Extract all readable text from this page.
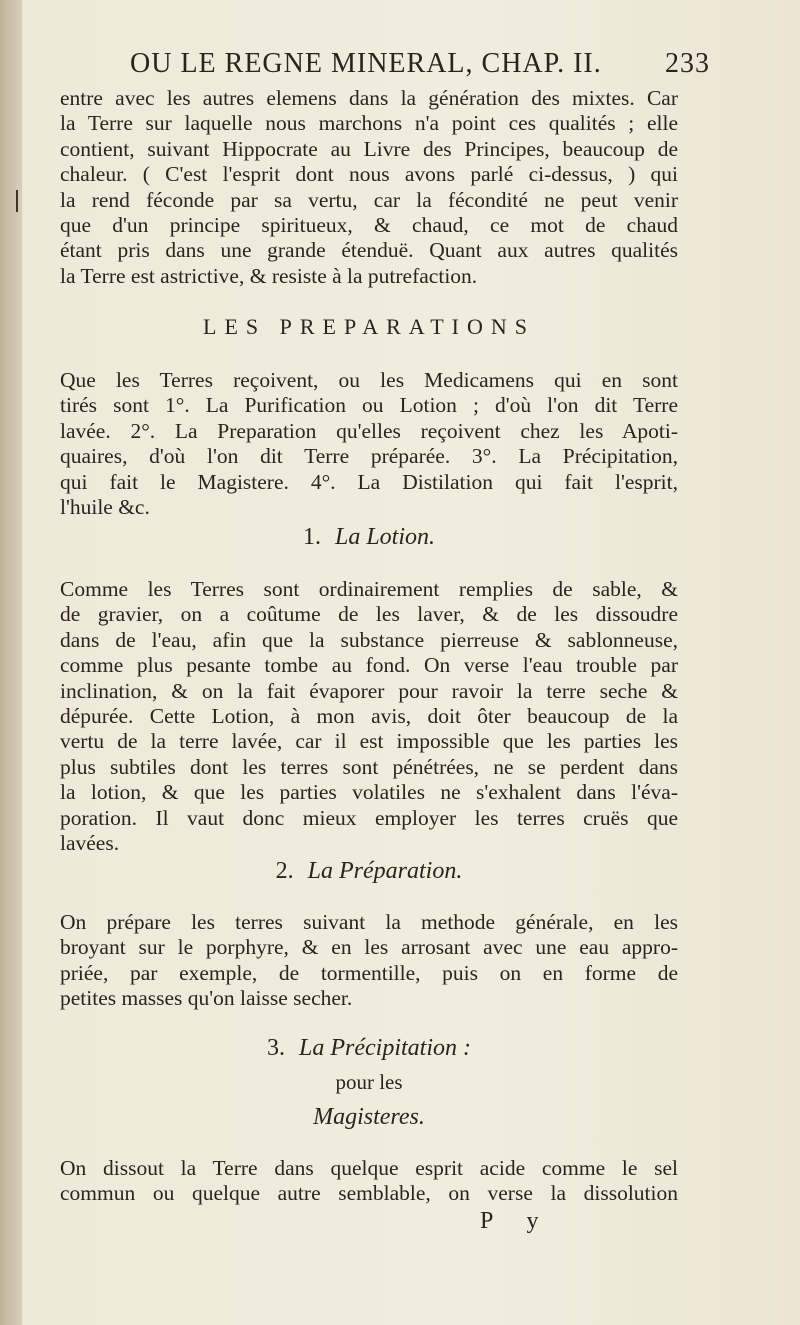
OU LE REGNE MINERAL, CHAP. II. 233
entre avec les autres elemens dans la génération des mixtes. Car
la Terre sur laquelle nous marchons n'a point ces qualités ; elle
contient, suivant Hippocrate au Livre des Principes, beaucoup de
chaleur. ( C'est l'esprit dont nous avons parlé ci-dessus, ) qui
la rend féconde par sa vertu, car la fécondité ne peut venir
que d'un principe spiritueux, & chaud, ce mot de chaud
étant pris dans une grande étenduë. Quant aux autres qualités
la Terre est astrictive, & resiste à la putrefaction.
LES PREPARATIONS
Que les Terres reçoivent, ou les Medicamens qui en sont
tirés sont 1°. La Purification ou Lotion ; d'où l'on dit Terre
lavée. 2°. La Preparation qu'elles reçoivent chez les Apoti-
quaires, d'où l'on dit Terre préparée. 3°. La Précipitation,
qui fait le Magistere. 4°. La Distilation qui fait l'esprit,
l'huile &c.
1. La Lotion.
Comme les Terres sont ordinairement remplies de sable, &
de gravier, on a coûtume de les laver, & de les dissoudre
dans de l'eau, afin que la substance pierreuse & sablonneuse,
comme plus pesante tombe au fond. On verse l'eau trouble par
inclination, & on la fait évaporer pour ravoir la terre seche &
dépurée. Cette Lotion, à mon avis, doit ôter beaucoup de la
vertu de la terre lavée, car il est impossible que les parties les
plus subtiles dont les terres sont pénétrées, ne se perdent dans
la lotion, & que les parties volatiles ne s'exhalent dans l'éva-
poration. Il vaut donc mieux employer les terres cruës que
lavées.
2. La Préparation.
On prépare les terres suivant la methode générale, en les
broyant sur le porphyre, & en les arrosant avec une eau appro-
priée, par exemple, de tormentille, puis on en forme de
petites masses qu'on laisse secher.
3. La Précipitation :
pour les
Magisteres.
On dissout la Terre dans quelque esprit acide comme le sel
commun ou quelque autre semblable, on verse la dissolution
P y
